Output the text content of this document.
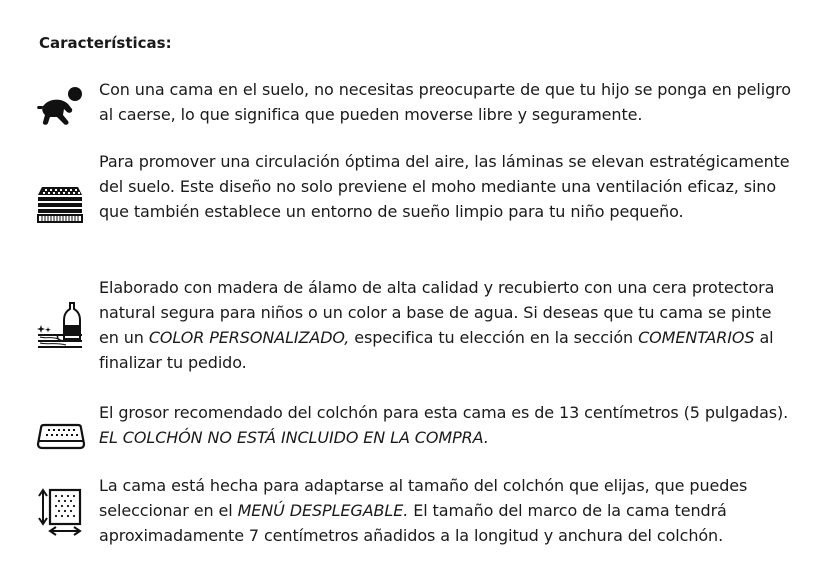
Características:
Con una cama en el suelo, no necesitas preocuparte de que tu hijo se ponga en peligro al caerse, lo que significa que pueden moverse libre y seguramente.
Para promover una circulación óptima del aire, las láminas se elevan estratégicamente del suelo. Este diseño no solo previene el moho mediante una ventilación eficaz, sino que también establece un entorno de sueño limpio para tu niño pequeño.
Elaborado con madera de álamo de alta calidad y recubierto con una cera protectora natural segura para niños o un color a base de agua. Si deseas que tu cama se pinte en un COLOR PERSONALIZADO, especifica tu elección en la sección COMENTARIOS al finalizar tu pedido.
El grosor recomendado del colchón para esta cama es de 13 centímetros (5 pulgadas). EL COLCHÓN NO ESTÁ INCLUIDO EN LA COMPRA.
La cama está hecha para adaptarse al tamaño del colchón que elijas, que puedes seleccionar en el MENÚ DESPLEGABLE. El tamaño del marco de la cama tendrá aproximadamente 7 centímetros añadidos a la longitud y anchura del colchón.
